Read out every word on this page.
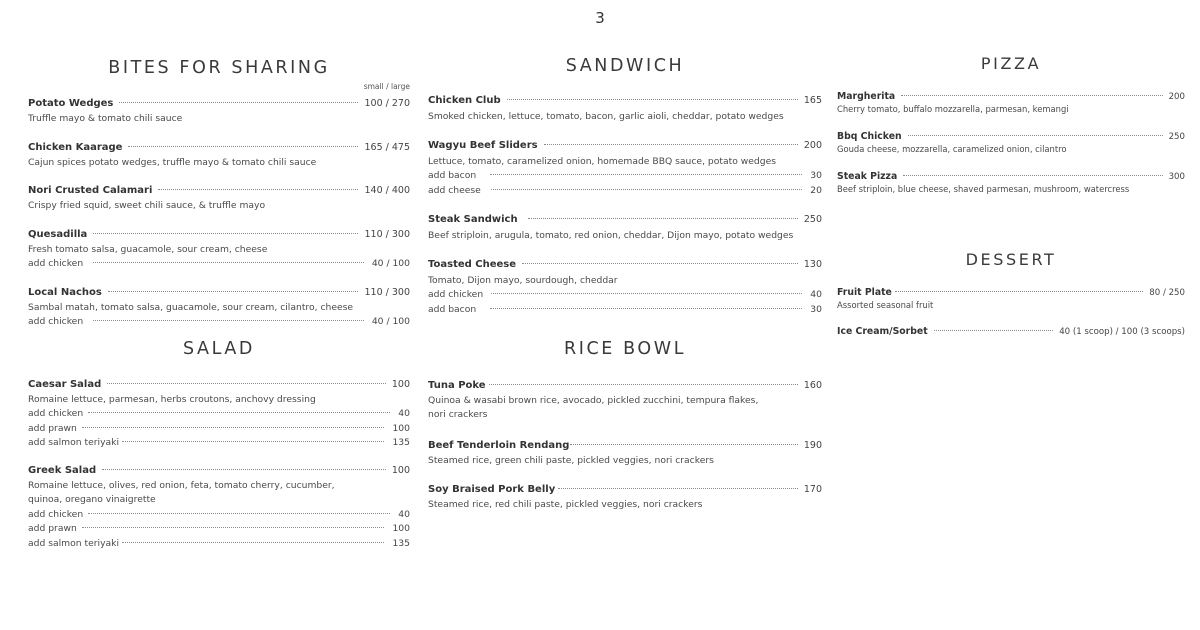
3
BITES FOR SHARING
small / large
Potato Wedges	100 / 270
Truffle mayo & tomato chili sauce
Chicken Kaarage	165 / 475
Cajun spices potato wedges, truffle mayo & tomato chili sauce
Nori Crusted Calamari	140 / 400
Crispy fried squid, sweet chili sauce, & truffle mayo
Quesadilla	110 / 300
Fresh tomato salsa, guacamole, sour cream, cheese
add chicken	40 / 100
Local Nachos	110 / 300
Sambal matah, tomato salsa, guacamole, sour cream, cilantro, cheese
add chicken	40 / 100
SALAD
Caesar Salad	100
Romaine lettuce, parmesan, herbs croutons, anchovy dressing
add chicken	40
add prawn	100
add salmon teriyaki	135
Greek Salad	100
Romaine lettuce, olives, red onion, feta, tomato cherry, cucumber,
quinoa, oregano vinaigrette
add chicken	40
add prawn	100
add salmon teriyaki	135
SANDWICH
Chicken Club	165
Smoked chicken, lettuce, tomato, bacon, garlic aioli, cheddar, potato wedges
Wagyu Beef Sliders	200
Lettuce, tomato, caramelized onion, homemade BBQ sauce, potato wedges
add bacon	30
add cheese	20
Steak Sandwich	250
Beef striploin, arugula, tomato, red onion, cheddar, Dijon mayo, potato wedges
Toasted Cheese	130
Tomato, Dijon mayo, sourdough, cheddar
add chicken	40
add bacon	30
RICE BOWL
Tuna Poke	160
Quinoa & wasabi brown rice, avocado, pickled zucchini, tempura flakes,
nori crackers
Beef Tenderloin Rendang	190
Steamed rice, green chili paste, pickled veggies, nori crackers
Soy Braised Pork Belly	170
Steamed rice, red chili paste, pickled veggies, nori crackers
PIZZA
Margherita	200
Cherry tomato, buffalo mozzarella, parmesan, kemangi
Bbq Chicken	250
Gouda cheese, mozzarella, caramelized onion, cilantro
Steak Pizza	300
Beef striploin, blue cheese, shaved parmesan, mushroom, watercress
DESSERT
Fruit Plate	80 / 250
Assorted seasonal fruit
Ice Cream/Sorbet	40 (1 scoop) / 100 (3 scoops)
